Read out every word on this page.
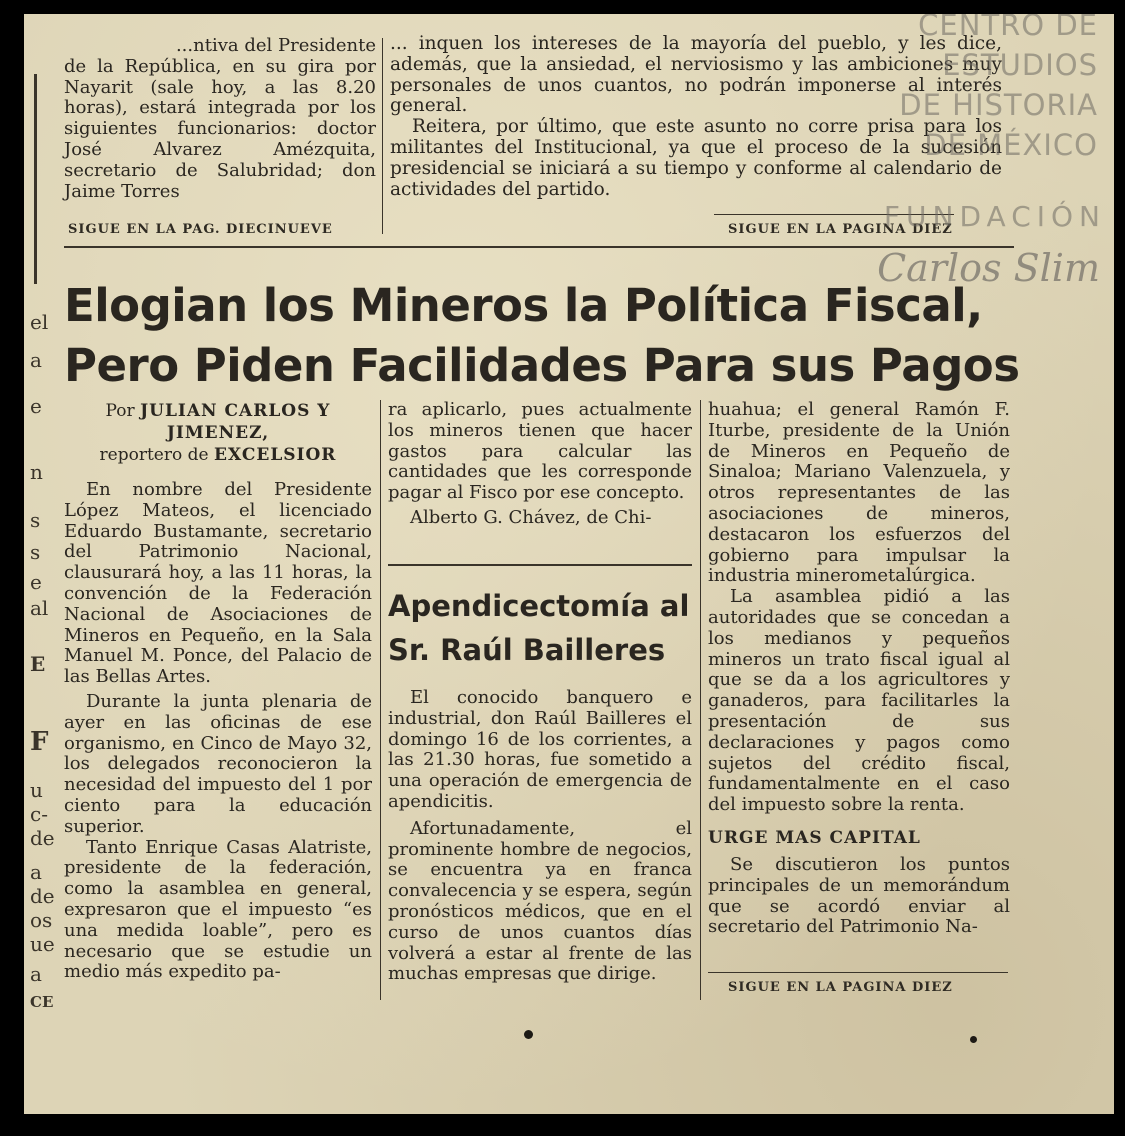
el
a
e
n
s
s
e
al
E
F
u
c-
de
a
de
os
ue
a
CE

...ntiva del Presidente

de la República, en su gira por Nayarit (sale hoy, a las 8.20 horas), estará integrada por los siguientes funcionarios: doctor José Alvarez Amézquita, secretario de Salubridad; don Jaime Torres

SIGUE EN LA PAG. DIECINUEVE

... inquen los intereses de la mayoría del pueblo, y les dice, además, que la ansiedad, el nerviosismo y las ambiciones muy personales de unos cuantos, no podrán imponerse al interés general.

Reitera, por último, que este asunto no corre prisa para los militantes del Institucional, ya que el proceso de la sucesión presidencial se iniciará a su tiempo y conforme al calendario de actividades del partido.

SIGUE EN LA PAGINA DIEZ
Elogian los Mineros la Política Fiscal,
Pero Piden Facilidades Para sus Pagos
Por JULIAN CARLOS Y JIMENEZ,
reportero de EXCELSIOR

En nombre del Presidente López Mateos, el licenciado Eduardo Bustamante, secretario del Patrimonio Nacional, clausurará hoy, a las 11 horas, la convención de la Federación Nacional de Asociaciones de Mineros en Pequeño, en la Sala Manuel M. Ponce, del Palacio de las Bellas Artes.

Durante la junta plenaria de ayer en las oficinas de ese organismo, en Cinco de Mayo 32, los delegados reconocieron la necesidad del impuesto del 1 por ciento para la educación superior.

Tanto Enrique Casas Alatriste, presidente de la federación, como la asamblea en general, expresaron que el impuesto “es una medida loable”, pero es necesario que se estudie un medio más expedito pa-

ra aplicarlo, pues actualmente los mineros tienen que hacer gastos para calcular las cantidades que les corresponde pagar al Fisco por ese concepto.

Alberto G. Chávez, de Chi-

Apendicectomía al
Sr. Raúl Bailleres

El conocido banquero e industrial, don Raúl Bailleres el domingo 16 de los corrientes, a las 21.30 horas, fue sometido a una operación de emergencia de apendicitis.

Afortunadamente, el prominente hombre de negocios, se encuentra ya en franca convalecencia y se espera, según pronósticos médicos, que en el curso de unos cuantos días volverá a estar al frente de las muchas empresas que dirige.

huahua; el general Ramón F. Iturbe, presidente de la Unión de Mineros en Pequeño de Sinaloa; Mariano Valenzuela, y otros representantes de las asociaciones de mineros, destacaron los esfuerzos del gobierno para impulsar la industria minerometalúrgica.

La asamblea pidió a las autoridades que se concedan a los medianos y pequeños mineros un trato fiscal igual al que se da a los agricultores y ganaderos, para facilitarles la presentación de sus declaraciones y pagos como sujetos del crédito fiscal, fundamentalmente en el caso del impuesto sobre la renta.

URGE MAS CAPITAL

Se discutieron los puntos principales de un memorándum que se acordó enviar al secretario del Patrimonio Na-

SIGUE EN LA PAGINA DIEZ
CENTRO DE
ESTUDIOS
DE HISTORIA
DE MÉXICO
FUNDACIÓN
Carlos Slim
